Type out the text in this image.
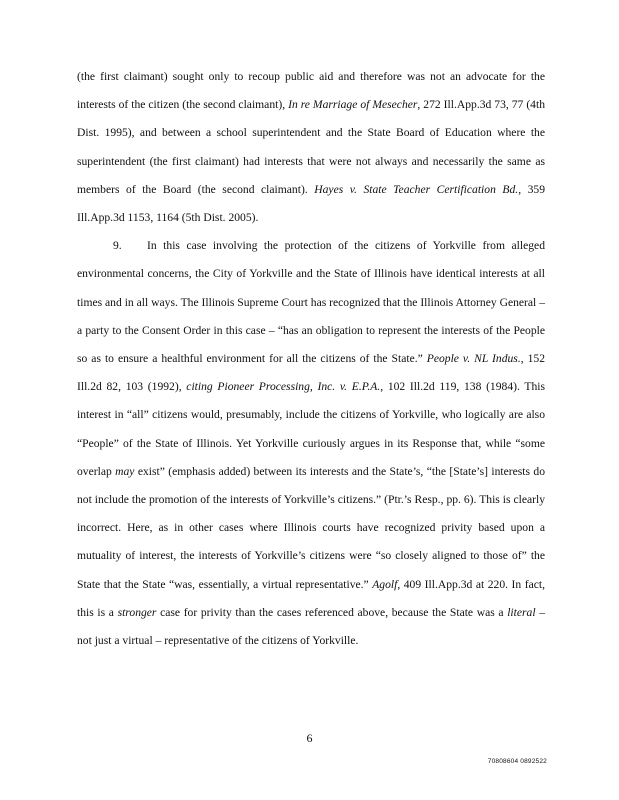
(the first claimant) sought only to recoup public aid and therefore was not an advocate for the interests of the citizen (the second claimant), In re Marriage of Mesecher, 272 Ill.App.3d 73, 77 (4th Dist. 1995), and between a school superintendent and the State Board of Education where the superintendent (the first claimant) had interests that were not always and necessarily the same as members of the Board (the second claimant). Hayes v. State Teacher Certification Bd., 359 Ill.App.3d 1153, 1164 (5th Dist. 2005).

9. In this case involving the protection of the citizens of Yorkville from alleged environmental concerns, the City of Yorkville and the State of Illinois have identical interests at all times and in all ways. The Illinois Supreme Court has recognized that the Illinois Attorney General – a party to the Consent Order in this case – “has an obligation to represent the interests of the People so as to ensure a healthful environment for all the citizens of the State.” People v. NL Indus., 152 Ill.2d 82, 103 (1992), citing Pioneer Processing, Inc. v. E.P.A., 102 Ill.2d 119, 138 (1984). This interest in “all” citizens would, presumably, include the citizens of Yorkville, who logically are also “People” of the State of Illinois. Yet Yorkville curiously argues in its Response that, while “some overlap may exist” (emphasis added) between its interests and the State’s, “the [State’s] interests do not include the promotion of the interests of Yorkville’s citizens.” (Ptr.’s Resp., pp. 6). This is clearly incorrect. Here, as in other cases where Illinois courts have recognized privity based upon a mutuality of interest, the interests of Yorkville’s citizens were “so closely aligned to those of” the State that the State “was, essentially, a virtual representative.” Agolf, 409 Ill.App.3d at 220. In fact, this is a stronger case for privity than the cases referenced above, because the State was a literal – not just a virtual – representative of the citizens of Yorkville.

6
70808604 0892522
